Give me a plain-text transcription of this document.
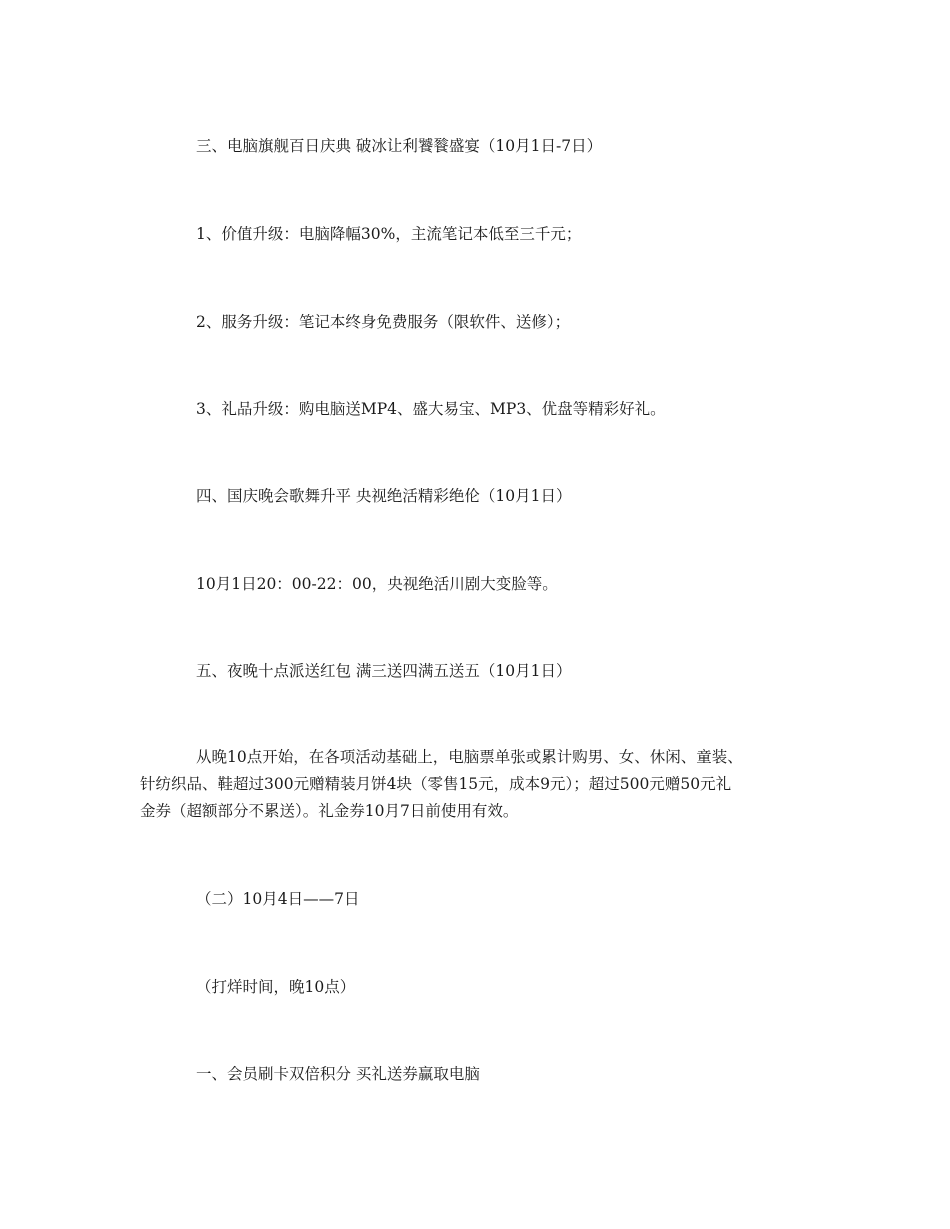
三、电脑旗舰百日庆典 破冰让利饕餮盛宴（10月1日-7日）
1、价值升级：电脑降幅30%，主流笔记本低至三千元；
2、服务升级：笔记本终身免费服务（限软件、送修）；
3、礼品升级：购电脑送MP4、盛大易宝、MP3、优盘等精彩好礼。
四、国庆晚会歌舞升平 央视绝活精彩绝伦（10月1日）
10月1日20：00-22：00，央视绝活川剧大变脸等。
五、夜晚十点派送红包 满三送四满五送五（10月1日）
从晚10点开始，在各项活动基础上，电脑票单张或累计购男、女、休闲、童装、
针纺织品、鞋超过300元赠精装月饼4块（零售15元，成本9元）；超过500元赠50元礼
金券（超额部分不累送）。礼金券10月7日前使用有效。
（二）10月4日——7日
（打烊时间，晚10点）
一、会员刷卡双倍积分 买礼送券赢取电脑
